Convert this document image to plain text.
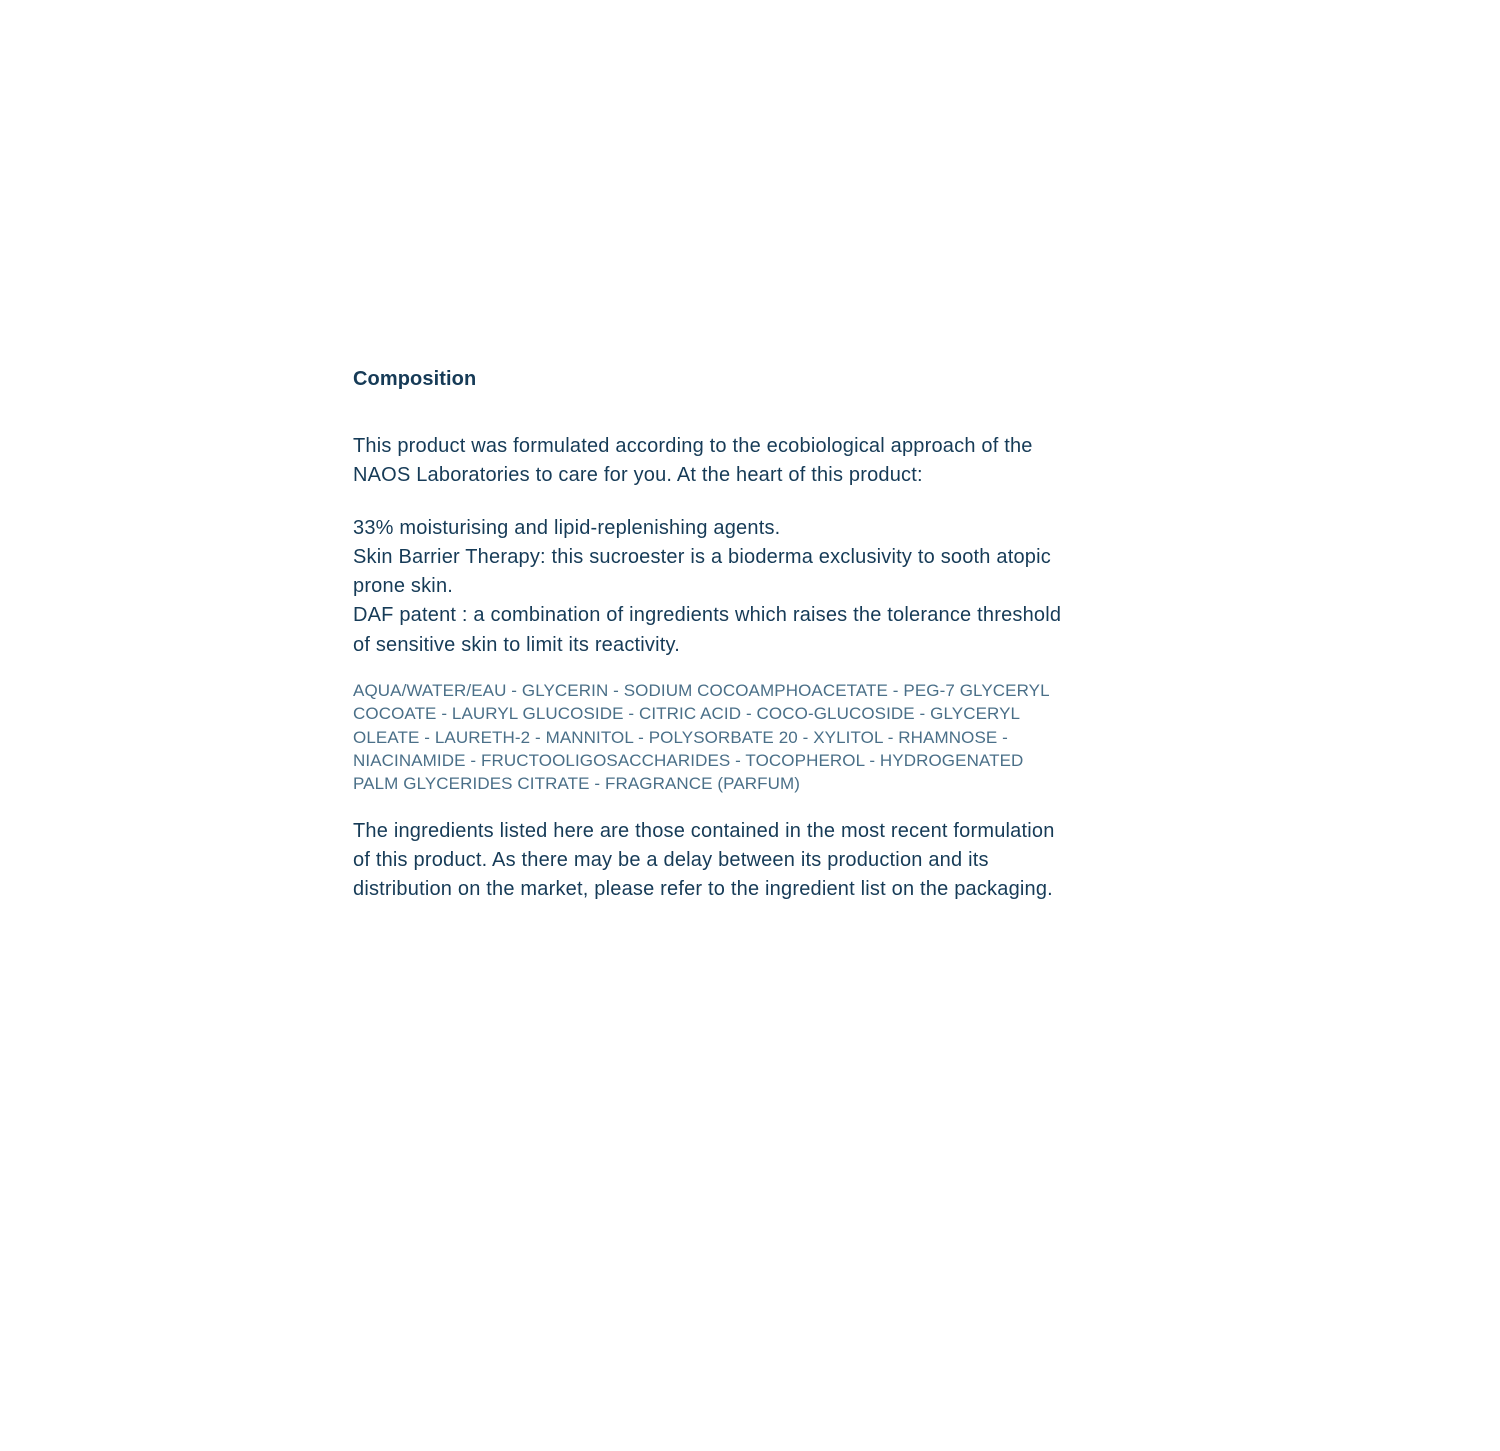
Composition

This product was formulated according to the ecobiological approach of the NAOS Laboratories to care for you. At the heart of this product:

33% moisturising and lipid-replenishing agents.
Skin Barrier Therapy: this sucroester is a bioderma exclusivity to sooth atopic prone skin.
DAF patent : a combination of ingredients which raises the tolerance threshold of sensitive skin to limit its reactivity.

AQUA/WATER/EAU - GLYCERIN - SODIUM COCOAMPHOACETATE - PEG-7 GLYCERYL COCOATE - LAURYL GLUCOSIDE - CITRIC ACID - COCO-GLUCOSIDE - GLYCERYL OLEATE - LAURETH-2 - MANNITOL - POLYSORBATE 20 - XYLITOL - RHAMNOSE - NIACINAMIDE - FRUCTOOLIGOSACCHARIDES - TOCOPHEROL - HYDROGENATED PALM GLYCERIDES CITRATE - FRAGRANCE (PARFUM)

The ingredients listed here are those contained in the most recent formulation of this product. As there may be a delay between its production and its distribution on the market, please refer to the ingredient list on the packaging.
